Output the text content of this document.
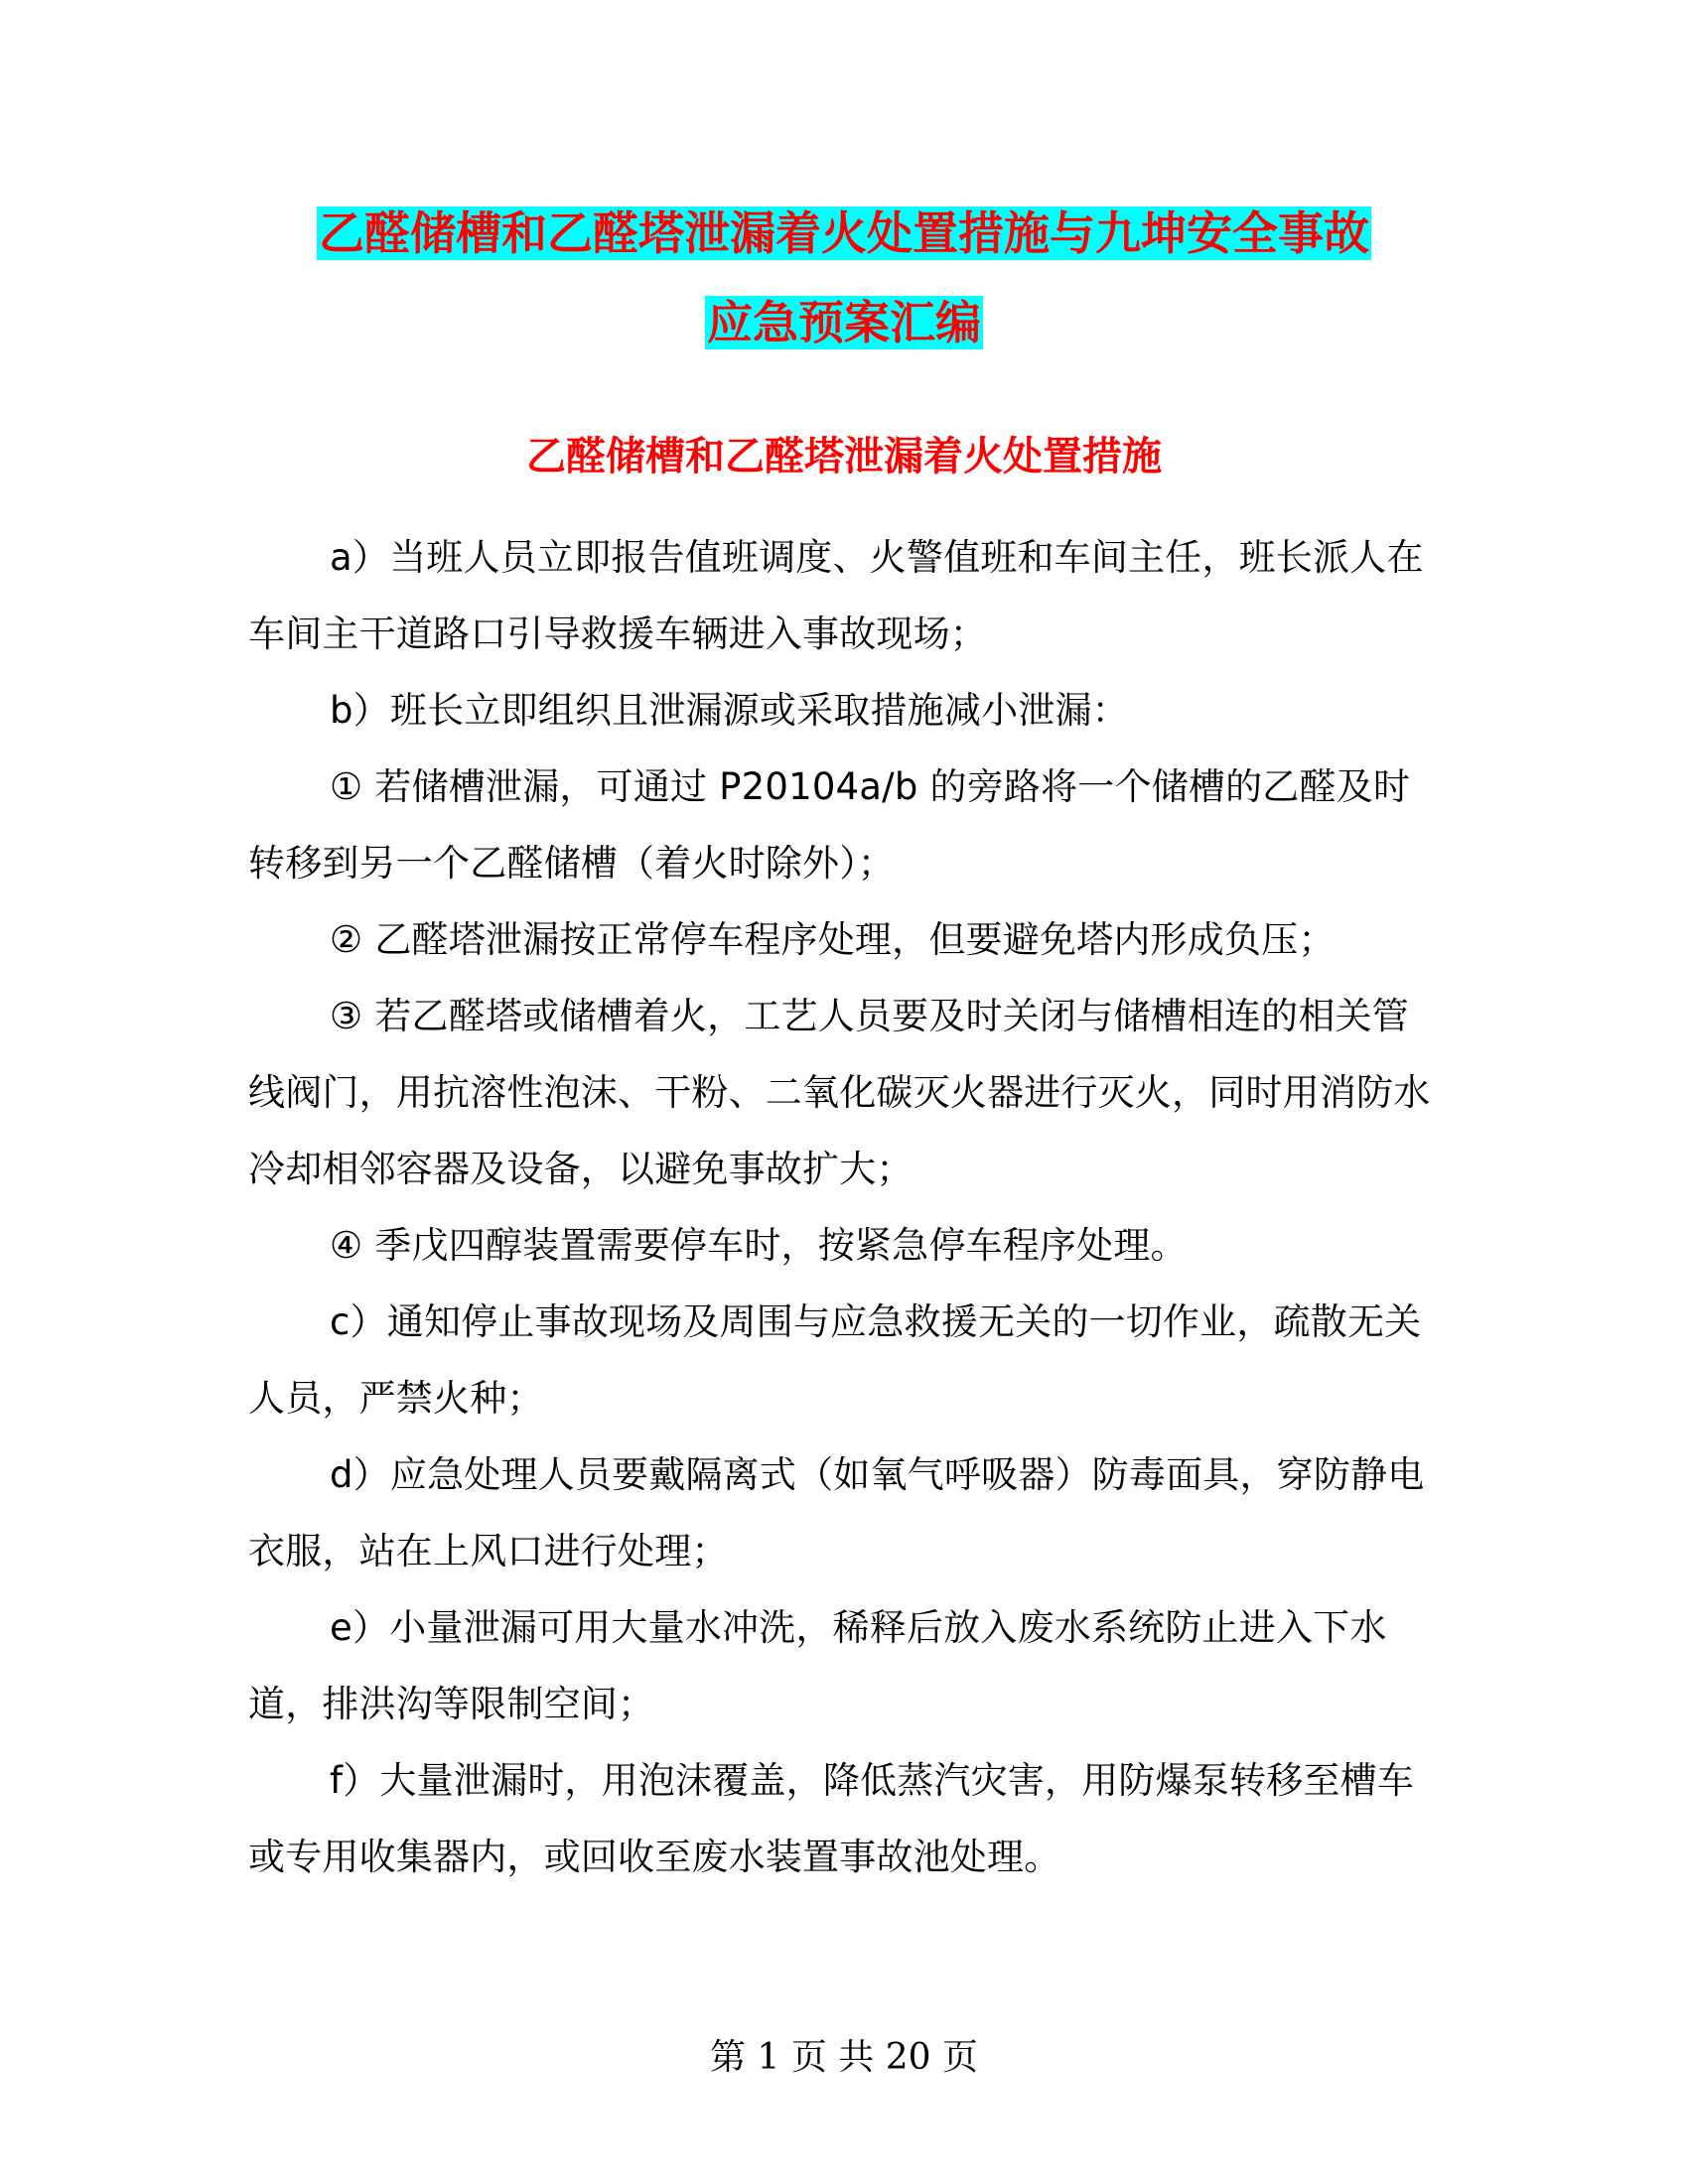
乙醛储槽和乙醛塔泄漏着火处置措施与九坤安全事故
应急预案汇编
乙醛储槽和乙醛塔泄漏着火处置措施

a）当班人员立即报告值班调度、火警值班和车间主任，班长派人在车间主干道路口引导救援车辆进入事故现场；

b）班长立即组织且泄漏源或采取措施减小泄漏：

① 若储槽泄漏，可通过 P20104a/b 的旁路将一个储槽的乙醛及时转移到另一个乙醛储槽（着火时除外）；

② 乙醛塔泄漏按正常停车程序处理，但要避免塔内形成负压；

③ 若乙醛塔或储槽着火，工艺人员要及时关闭与储槽相连的相关管线阀门，用抗溶性泡沫、干粉、二氧化碳灭火器进行灭火，同时用消防水冷却相邻容器及设备，以避免事故扩大；

④ 季戊四醇装置需要停车时，按紧急停车程序处理。

c）通知停止事故现场及周围与应急救援无关的一切作业，疏散无关人员，严禁火种；

d）应急处理人员要戴隔离式（如氧气呼吸器）防毒面具，穿防静电衣服，站在上风口进行处理；

e）小量泄漏可用大量水冲洗，稀释后放入废水系统防止进入下水道，排洪沟等限制空间；

f）大量泄漏时，用泡沫覆盖，降低蒸汽灾害，用防爆泵转移至槽车或专用收集器内，或回收至废水装置事故池处理。

第 1 页 共 20 页
